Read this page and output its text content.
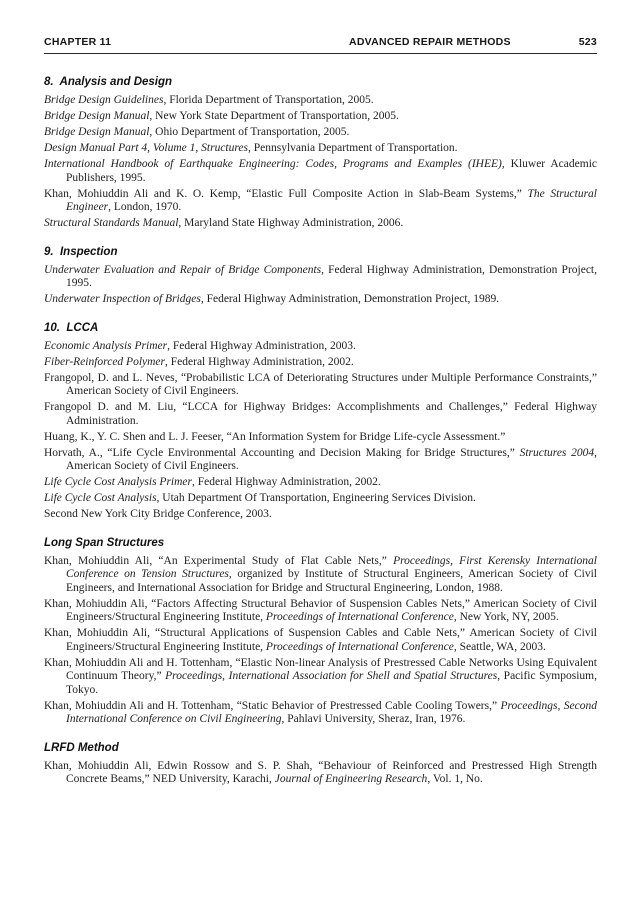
CHAPTER 11	ADVANCED REPAIR METHODS	523
8.  Analysis and Design

Bridge Design Guidelines, Florida Department of Transportation, 2005.

Bridge Design Manual, New York State Department of Transportation, 2005.

Bridge Design Manual, Ohio Department of Transportation, 2005.

Design Manual Part 4, Volume 1, Structures, Pennsylvania Department of Transportation.

International Handbook of Earthquake Engineering: Codes, Programs and Examples (IHEE), Kluwer Academic Publishers, 1995.

Khan, Mohiuddin Ali and K. O. Kemp, “Elastic Full Composite Action in Slab-Beam Systems,” The Structural Engineer, London, 1970.

Structural Standards Manual, Maryland State Highway Administration, 2006.

9.  Inspection

Underwater Evaluation and Repair of Bridge Components, Federal Highway Administration, Demonstration Project, 1995.

Underwater Inspection of Bridges, Federal Highway Administration, Demonstration Project, 1989.

10.  LCCA

Economic Analysis Primer, Federal Highway Administration, 2003.

Fiber-Reinforced Polymer, Federal Highway Administration, 2002.

Frangopol, D. and L. Neves, “Probabilistic LCA of Deteriorating Structures under Multiple Performance Constraints,” American Society of Civil Engineers.

Frangopol D. and M. Liu, “LCCA for Highway Bridges: Accomplishments and Challenges,” Federal Highway Administration.

Huang, K., Y. C. Shen and L. J. Feeser, “An Information System for Bridge Life-cycle Assessment.”

Horvath, A., “Life Cycle Environmental Accounting and Decision Making for Bridge Structures,” Structures 2004, American Society of Civil Engineers.

Life Cycle Cost Analysis Primer, Federal Highway Administration, 2002.

Life Cycle Cost Analysis, Utah Department Of Transportation, Engineering Services Division.

Second New York City Bridge Conference, 2003.

Long Span Structures

Khan, Mohiuddin Ali, “An Experimental Study of Flat Cable Nets,” Proceedings, First Kerensky International Conference on Tension Structures, organized by Institute of Structural Engineers, American Society of Civil Engineers, and International Association for Bridge and Structural Engineering, London, 1988.

Khan, Mohiuddin Ali, “Factors Affecting Structural Behavior of Suspension Cables Nets,” American Society of Civil Engineers/Structural Engineering Institute, Proceedings of International Conference, New York, NY, 2005.

Khan, Mohiuddin Ali, “Structural Applications of Suspension Cables and Cable Nets,” American Society of Civil Engineers/Structural Engineering Institute, Proceedings of International Conference, Seattle, WA, 2003.

Khan, Mohiuddin Ali and H. Tottenham, “Elastic Non-linear Analysis of Prestressed Cable Networks Using Equivalent Continuum Theory,” Proceedings, International Association for Shell and Spatial Structures, Pacific Symposium, Tokyo.

Khan, Mohiuddin Ali and H. Tottenham, “Static Behavior of Prestressed Cable Cooling Towers,” Proceedings, Second International Conference on Civil Engineering, Pahlavi University, Sheraz, Iran, 1976.

LRFD Method

Khan, Mohiuddin Ali, Edwin Rossow and S. P. Shah, “Behaviour of Reinforced and Prestressed High Strength Concrete Beams,” NED University, Karachi, Journal of Engineering Research, Vol. 1, No.
